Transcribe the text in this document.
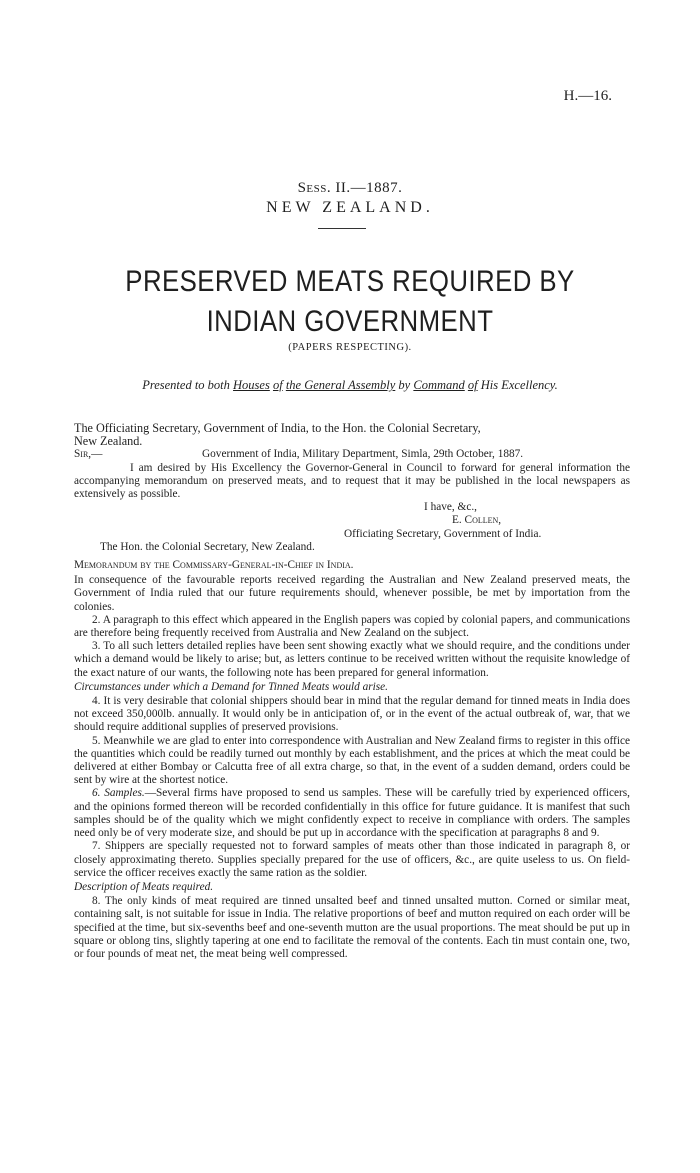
H.—16.
Sess. II.—1887.
NEW ZEALAND.
PRESERVED MEATS REQUIRED BY INDIAN GOVERNMENT
(PAPERS RESPECTING).
Presented to both Houses of the General Assembly by Command of His Excellency.

The Officiating Secretary, Government of India, to the Hon. the Colonial Secretary,

New Zealand.

Sir,—	Government of India, Military Department, Simla, 29th October, 1887.

I am desired by His Excellency the Governor-General in Council to forward for general information the accompanying memorandum on preserved meats, and to request that it may be published in the local newspapers as extensively as possible.

I have, &c.,

E. Collen,

Officiating Secretary, Government of India.

The Hon. the Colonial Secretary, New Zealand.

Memorandum by the Commissary-General-in-Chief in India.

In consequence of the favourable reports received regarding the Australian and New Zealand preserved meats, the Government of India ruled that our future requirements should, whenever possible, be met by importation from the colonies.

2. A paragraph to this effect which appeared in the English papers was copied by colonial papers, and communications are therefore being frequently received from Australia and New Zealand on the subject.

3. To all such letters detailed replies have been sent showing exactly what we should require, and the conditions under which a demand would be likely to arise; but, as letters continue to be received written without the requisite knowledge of the exact nature of our wants, the following note has been prepared for general information.

Circumstances under which a Demand for Tinned Meats would arise.

4. It is very desirable that colonial shippers should bear in mind that the regular demand for tinned meats in India does not exceed 350,000lb. annually. It would only be in anticipation of, or in the event of the actual outbreak of, war, that we should require additional supplies of preserved provisions.

5. Meanwhile we are glad to enter into correspondence with Australian and New Zealand firms to register in this office the quantities which could be readily turned out monthly by each establishment, and the prices at which the meat could be delivered at either Bombay or Calcutta free of all extra charge, so that, in the event of a sudden demand, orders could be sent by wire at the shortest notice.

6. Samples.—Several firms have proposed to send us samples. These will be carefully tried by experienced officers, and the opinions formed thereon will be recorded confidentially in this office for future guidance. It is manifest that such samples should be of the quality which we might confidently expect to receive in compliance with orders. The samples need only be of very moderate size, and should be put up in accordance with the specification at paragraphs 8 and 9.

7. Shippers are specially requested not to forward samples of meats other than those indicated in paragraph 8, or closely approximating thereto. Supplies specially prepared for the use of officers, &c., are quite useless to us. On field-service the officer receives exactly the same ration as the soldier.

Description of Meats required.

8. The only kinds of meat required are tinned unsalted beef and tinned unsalted mutton. Corned or similar meat, containing salt, is not suitable for issue in India. The relative proportions of beef and mutton required on each order will be specified at the time, but six-sevenths beef and one-seventh mutton are the usual proportions. The meat should be put up in square or oblong tins, slightly tapering at one end to facilitate the removal of the contents. Each tin must contain one, two, or four pounds of meat net, the meat being well compressed.
